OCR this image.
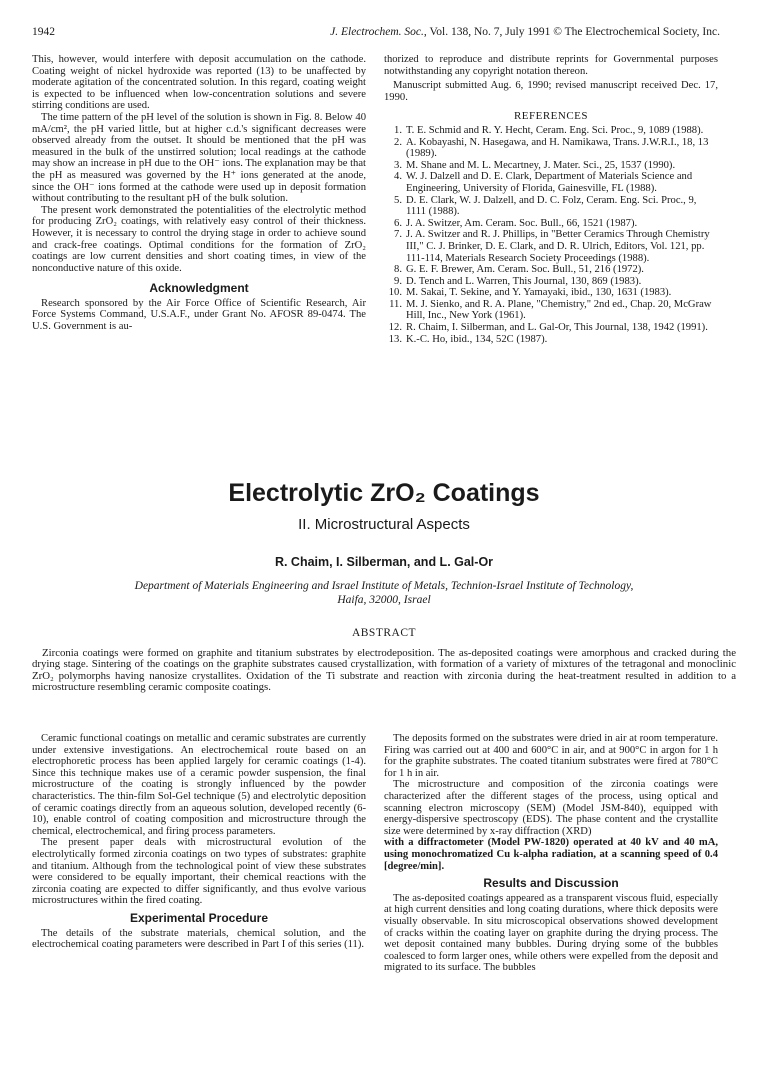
1942	J. Electrochem. Soc., Vol. 138, No. 7, July 1991 © The Electrochemical Society, Inc.

This, however, would interfere with deposit accumulation on the cathode. Coating weight of nickel hydroxide was reported (13) to be unaffected by moderate agitation of the concentrated solution. In this regard, coating weight is expected to be influenced when low-concentration solutions and severe stirring conditions are used.

The time pattern of the pH level of the solution is shown in Fig. 8. Below 40 mA/cm², the pH varied little, but at higher c.d.'s significant decreases were observed already from the outset. It should be mentioned that the pH was measured in the bulk of the unstirred solution; local readings at the cathode may show an increase in pH due to the OH⁻ ions. The explanation may be that the pH as measured was governed by the H⁺ ions generated at the anode, since the OH⁻ ions formed at the cathode were used up in deposit formation without contributing to the resultant pH of the bulk solution.

The present work demonstrated the potentialities of the electrolytic method for producing ZrO₂ coatings, with relatively easy control of their thickness. However, it is necessary to control the drying stage in order to achieve sound and crack-free coatings. Optimal conditions for the formation of ZrO₂ coatings are low current densities and short coating times, in view of the nonconductive nature of this oxide.

Acknowledgment

Research sponsored by the Air Force Office of Scientific Research, Air Force Systems Command, U.S.A.F., under Grant No. AFOSR 89-0474. The U.S. Government is au-

thorized to reproduce and distribute reprints for Governmental purposes notwithstanding any copyright notation thereon.

Manuscript submitted Aug. 6, 1990; revised manuscript received Dec. 17, 1990.

REFERENCES
1. T. E. Schmid and R. Y. Hecht, Ceram. Eng. Sci. Proc., 9, 1089 (1988).
2. A. Kobayashi, N. Hasegawa, and H. Namikawa, Trans. J.W.R.I., 18, 13 (1989).
3. M. Shane and M. L. Mecartney, J. Mater. Sci., 25, 1537 (1990).
4. W. J. Dalzell and D. E. Clark, Department of Materials Science and Engineering, University of Florida, Gainesville, FL (1988).
5. D. E. Clark, W. J. Dalzell, and D. C. Folz, Ceram. Eng. Sci. Proc., 9, 1111 (1988).
6. J. A. Switzer, Am. Ceram. Soc. Bull., 66, 1521 (1987).
7. J. A. Switzer and R. J. Phillips, in "Better Ceramics Through Chemistry III," C. J. Brinker, D. E. Clark, and D. R. Ulrich, Editors, Vol. 121, pp. 111-114, Materials Research Society Proceedings (1988).
8. G. E. F. Brewer, Am. Ceram. Soc. Bull., 51, 216 (1972).
9. D. Tench and L. Warren, This Journal, 130, 869 (1983).
10. M. Sakai, T. Sekine, and Y. Yamayaki, ibid., 130, 1631 (1983).
11. M. J. Sienko, and R. A. Plane, "Chemistry," 2nd ed., Chap. 20, McGraw Hill, Inc., New York (1961).
12. R. Chaim, I. Silberman, and L. Gal-Or, This Journal, 138, 1942 (1991).
13. K.-C. Ho, ibid., 134, 52C (1987).
Electrolytic ZrO₂ Coatings
II. Microstructural Aspects
R. Chaim, I. Silberman, and L. Gal-Or
Department of Materials Engineering and Israel Institute of Metals, Technion-Israel Institute of Technology,
Haifa, 32000, Israel
ABSTRACT

Zirconia coatings were formed on graphite and titanium substrates by electrodeposition. The as-deposited coatings were amorphous and cracked during the drying stage. Sintering of the coatings on the graphite substrates caused crystallization, with formation of a variety of mixtures of the tetragonal and monoclinic ZrO₂ polymorphs having nanosize crystallites. Oxidation of the Ti substrate and reaction with zirconia during the heat-treatment resulted in addition to a microstructure resembling ceramic composite coatings.

Ceramic functional coatings on metallic and ceramic substrates are currently under extensive investigations. An electrochemical route based on an electrophoretic process has been applied largely for ceramic coatings (1-4). Since this technique makes use of a ceramic powder suspension, the final microstructure of the coating is strongly influenced by the powder characteristics. The thin-film Sol-Gel technique (5) and electrolytic deposition of ceramic coatings directly from an aqueous solution, developed recently (6-10), enable control of coating composition and microstructure through the chemical, electrochemical, and firing process parameters.

The present paper deals with microstructural evolution of the electrolytically formed zirconia coatings on two types of substrates: graphite and titanium. Although from the technological point of view these substrates were considered to be equally important, their chemical reactions with the zirconia coating are expected to differ significantly, and thus evolve various microstructures within the fired coating.

Experimental Procedure

The details of the substrate materials, chemical solution, and the electrochemical coating parameters were described in Part I of this series (11).

The deposits formed on the substrates were dried in air at room temperature. Firing was carried out at 400 and 600°C in air, and at 900°C in argon for 1 h for the graphite substrates. The coated titanium substrates were fired at 780°C for 1 h in air.

The microstructure and composition of the zirconia coatings were characterized after the different stages of the process, using optical and scanning electron microscopy (SEM) (Model JSM-840), equipped with energy-dispersive spectroscopy (EDS). The phase content and the crystallite size were determined by x-ray diffraction (XRD)

with a diffractometer (Model PW-1820) operated at 40 kV and 40 mA, using monochromatized Cu k-alpha radiation, at a scanning speed of 0.4 [degree/min].

Results and Discussion

The as-deposited coatings appeared as a transparent viscous fluid, especially at high current densities and long coating durations, where thick deposits were visually observable. In situ microscopical observations showed development of cracks within the coating layer on graphite during the drying process. The wet deposit contained many bubbles. During drying some of the bubbles coalesced to form larger ones, while others were expelled from the deposit and migrated to its surface. The bubbles
